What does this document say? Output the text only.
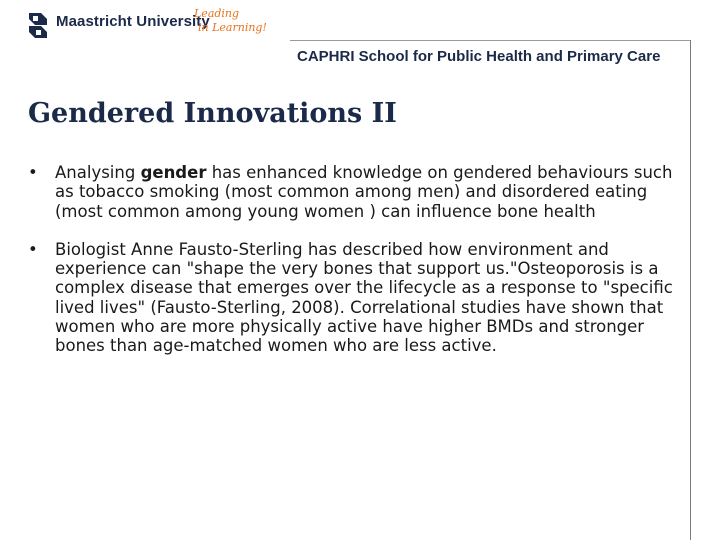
Maastricht University
Leading
in Learning!
CAPHRI School for Public Health and Primary Care
Gendered Innovations II
• Analysing gender has enhanced knowledge on gendered behaviours such as tobacco smoking (most common among men) and disordered eating (most common among young women ) can influence bone health
• Biologist Anne Fausto-Sterling has described how environment and experience can "shape the very bones that support us."Osteoporosis is a complex disease that emerges over the lifecycle as a response to "specific lived lives" (Fausto-Sterling, 2008). Correlational studies have shown that women who are more physically active have higher BMDs and stronger bones than age-matched women who are less active.
